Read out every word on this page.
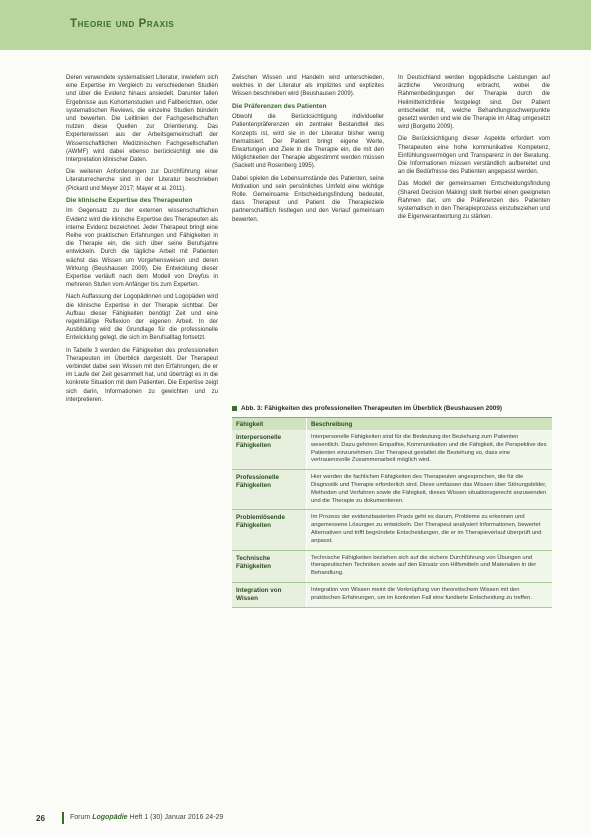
Theorie und Praxis

Deren verwendete systematisiert Literatur, inwiefern sich eine Expertise im Vergleich zu verschiedenen Studien und über die Evidenz hinaus ansiedelt. Darunter fallen Ergebnisse aus Kohortenstudien und Fallberichten, oder systematischen Reviews, die einzelne Studien bündeln und bewerten. Die Leitlinien der Fachgesellschaften nutzen diese Quellen zur Orientierung. Das Expertenwissen aus der Arbeitsgemeinschaft der Wissenschaftlichen Medizinischen Fachgesellschaften (AWMF) wird dabei ebenso berücksichtigt wie die Interpretation klinischer Daten.

Die weiteren Anforderungen zur Durchführung einer Literaturrecherche sind in der Literatur beschrieben (Pickard und Meyer 2017; Mayer et al. 2011).

Die klinische Expertise des Therapeuten

Im Gegensatz zu der externen wissenschaftlichen Evidenz wird die klinische Expertise des Therapeuten als interne Evidenz bezeichnet. Jeder Therapeut bringt eine Reihe von praktischen Erfahrungen und Fähigkeiten in die Therapie ein, die sich über seine Berufsjahre entwickeln. Durch die tägliche Arbeit mit Patienten wächst das Wissen um Vorgehensweisen und deren Wirkung (Beushausen 2009). Die Entwicklung dieser Expertise verläuft nach dem Modell von Dreyfus in mehreren Stufen vom Anfänger bis zum Experten.

Nach Auffassung der Logopädinnen und Logopäden wird die klinische Expertise in der Therapie sichtbar. Der Aufbau dieser Fähigkeiten benötigt Zeit und eine regelmäßige Reflexion der eigenen Arbeit. In der Ausbildung wird die Grundlage für die professionelle Entwicklung gelegt, die sich im Berufsalltag fortsetzt.

In Tabelle 3 werden die Fähigkeiten des professionellen Therapeuten im Überblick dargestellt. Der Therapeut verbindet dabei sein Wissen mit den Erfahrungen, die er im Laufe der Zeit gesammelt hat, und überträgt es in die konkrete Situation mit dem Patienten. Die Expertise zeigt sich darin, Informationen zu gewichten und zu interpretieren.

Zwischen Wissen und Handeln wird unterschieden, welches in der Literatur als implizites und explizites Wissen beschrieben wird (Beushausen 2009).

Die Präferenzen des Patienten

Obwohl die Berücksichtigung individueller Patientenpräferenzen ein zentraler Bestandteil des Konzepts ist, wird sie in der Literatur bisher wenig thematisiert. Der Patient bringt eigene Werte, Erwartungen und Ziele in die Therapie ein, die mit den Möglichkeiten der Therapie abgestimmt werden müssen (Sackett und Rosenberg 1995).

Dabei spielen die Lebensumstände des Patienten, seine Motivation und sein persönliches Umfeld eine wichtige Rolle. Gemeinsame Entscheidungsfindung bedeutet, dass Therapeut und Patient die Therapieziele partnerschaftlich festlegen und den Verlauf gemeinsam bewerten.

In Deutschland werden logopädische Leistungen auf ärztliche Verordnung erbracht, wobei die Rahmenbedingungen der Therapie durch die Heilmittelrichtlinie festgelegt sind. Der Patient entscheidet mit, welche Behandlungsschwerpunkte gesetzt werden und wie die Therapie im Alltag umgesetzt wird (Borgetto 2009).

Die Berücksichtigung dieser Aspekte erfordert vom Therapeuten eine hohe kommunikative Kompetenz, Einfühlungsvermögen und Transparenz in der Beratung. Die Informationen müssen verständlich aufbereitet und an die Bedürfnisse des Patienten angepasst werden.

Das Modell der gemeinsamen Entscheidungsfindung (Shared Decision Making) stellt hierbei einen geeigneten Rahmen dar, um die Präferenzen des Patienten systematisch in den Therapieprozess einzubeziehen und die Eigenverantwortung zu stärken.

Abb. 3: Fähigkeiten des professionellen Therapeuten im Überblick (Beushausen 2009)
Fähigkeit	Beschreibung
Interpersonelle Fähigkeiten
Interpersonelle Fähigkeiten sind für die Bedeutung der Beziehung zum Patienten wesentlich. Dazu gehören Empathie, Kommunikation und die Fähigkeit, die Perspektive des Patienten einzunehmen. Der Therapeut gestaltet die Beziehung so, dass eine vertrauensvolle Zusammenarbeit möglich wird.
Professionelle Fähigkeiten
Hier werden die fachlichen Fähigkeiten des Therapeuten angesprochen, die für die Diagnostik und Therapie erforderlich sind. Diese umfassen das Wissen über Störungsbilder, Methoden und Verfahren sowie die Fähigkeit, dieses Wissen situationsgerecht anzuwenden und die Therapie zu dokumentieren.
Problemlösende Fähigkeiten
Im Prozess der evidenzbasierten Praxis geht es darum, Probleme zu erkennen und angemessene Lösungen zu entwickeln. Der Therapeut analysiert Informationen, bewertet Alternativen und trifft begründete Entscheidungen, die er im Therapieverlauf überprüft und anpasst.
Technische Fähigkeiten
Technische Fähigkeiten beziehen sich auf die sichere Durchführung von Übungen und therapeutischen Techniken sowie auf den Einsatz von Hilfsmitteln und Materialien in der Behandlung.
Integration von Wissen
Integration von Wissen meint die Verknüpfung von theoretischem Wissen mit den praktischen Erfahrungen, um im konkreten Fall eine fundierte Entscheidung zu treffen.
26	Forum Logopädie Heft 1 (30) Januar 2016 24-29
